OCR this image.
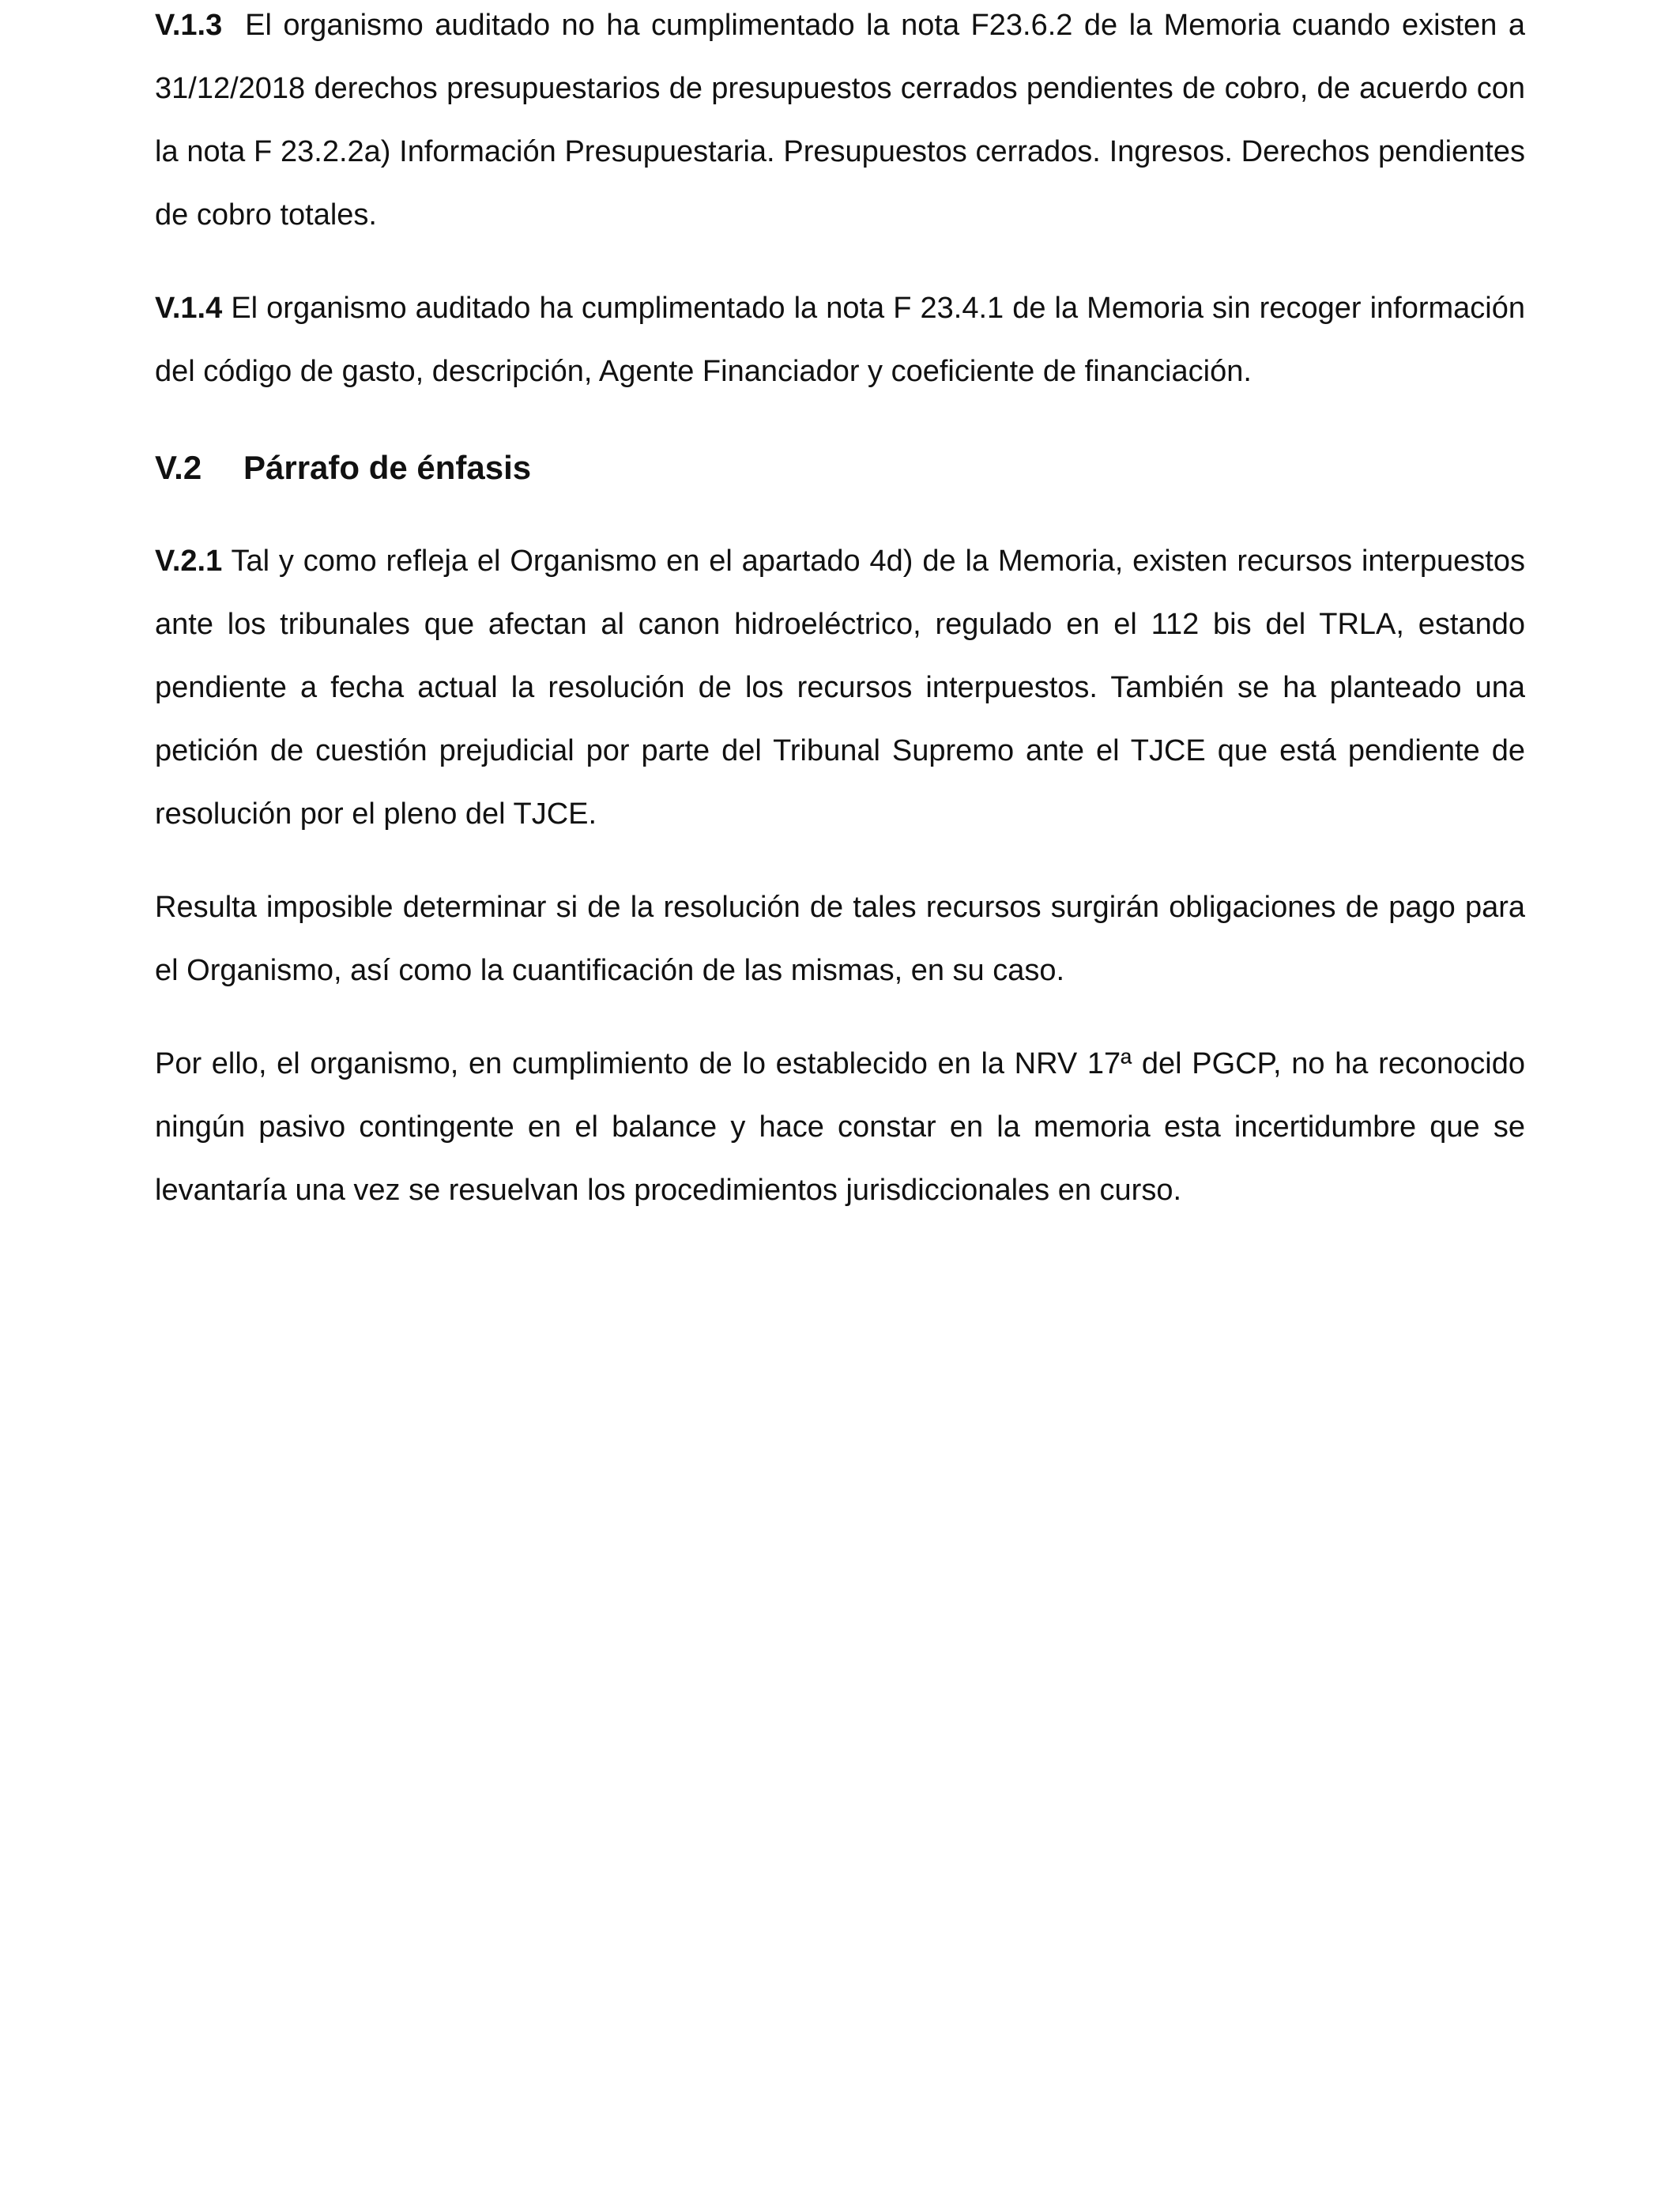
V.1.3 El organismo auditado no ha cumplimentado la nota F23.6.2 de la Memoria cuando existen a 31/12/2018 derechos presupuestarios de presupuestos cerrados pendientes de cobro, de acuerdo con la nota F 23.2.2a) Información Presupuestaria. Presupuestos cerrados. Ingresos. Derechos pendientes de cobro totales.

V.1.4 El organismo auditado ha cumplimentado la nota F 23.4.1 de la Memoria sin recoger información del código de gasto, descripción, Agente Financiador y coeficiente de financiación.

V.2	Párrafo de énfasis

V.2.1 Tal y como refleja el Organismo en el apartado 4d) de la Memoria, existen recursos interpuestos ante los tribunales que afectan al canon hidroeléctrico, regulado en el 112 bis del TRLA, estando pendiente a fecha actual la resolución de los recursos interpuestos. También se ha planteado una petición de cuestión prejudicial por parte del Tribunal Supremo ante el TJCE que está pendiente de resolución por el pleno del TJCE.

Resulta imposible determinar si de la resolución de tales recursos surgirán obligaciones de pago para el Organismo, así como la cuantificación de las mismas, en su caso.

Por ello, el organismo, en cumplimiento de lo establecido en la NRV 17ª del PGCP, no ha reconocido ningún pasivo contingente en el balance y hace constar en la memoria esta incertidumbre que se levantaría una vez se resuelvan los procedimientos jurisdiccionales en curso.
